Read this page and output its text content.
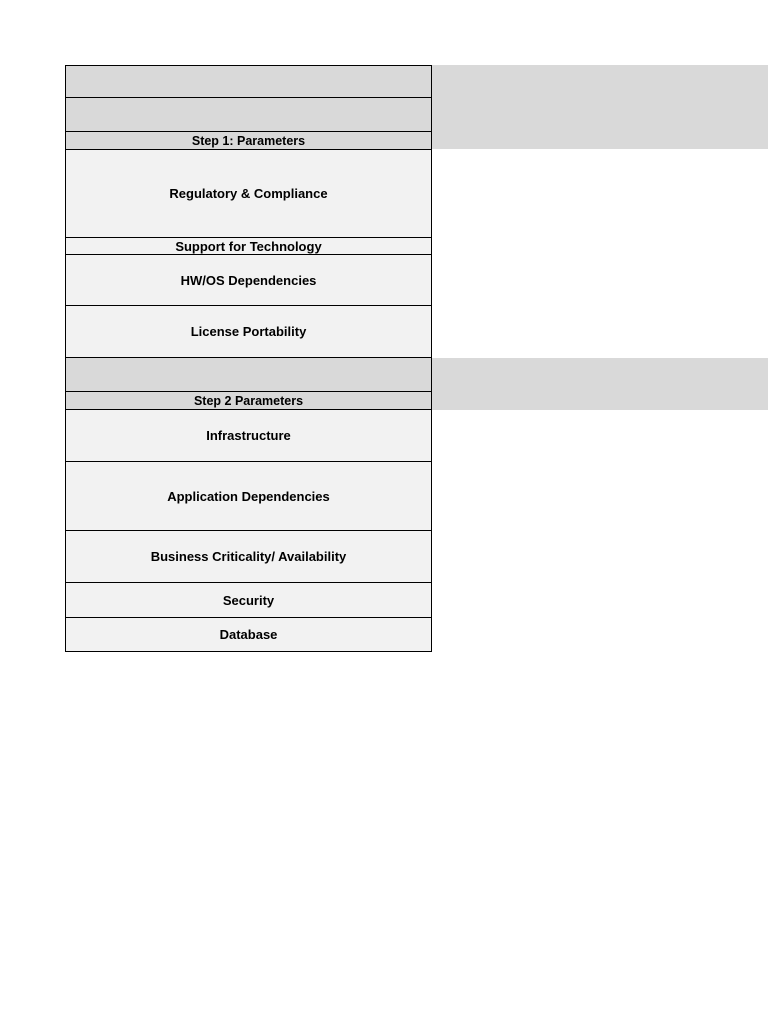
Step 1: Parameters
Regulatory & Compliance
Support for Technology
HW/OS Dependencies
License Portability
Step 2 Parameters
Infrastructure
Application Dependencies
Business Criticality/ Availability
Security
Database
